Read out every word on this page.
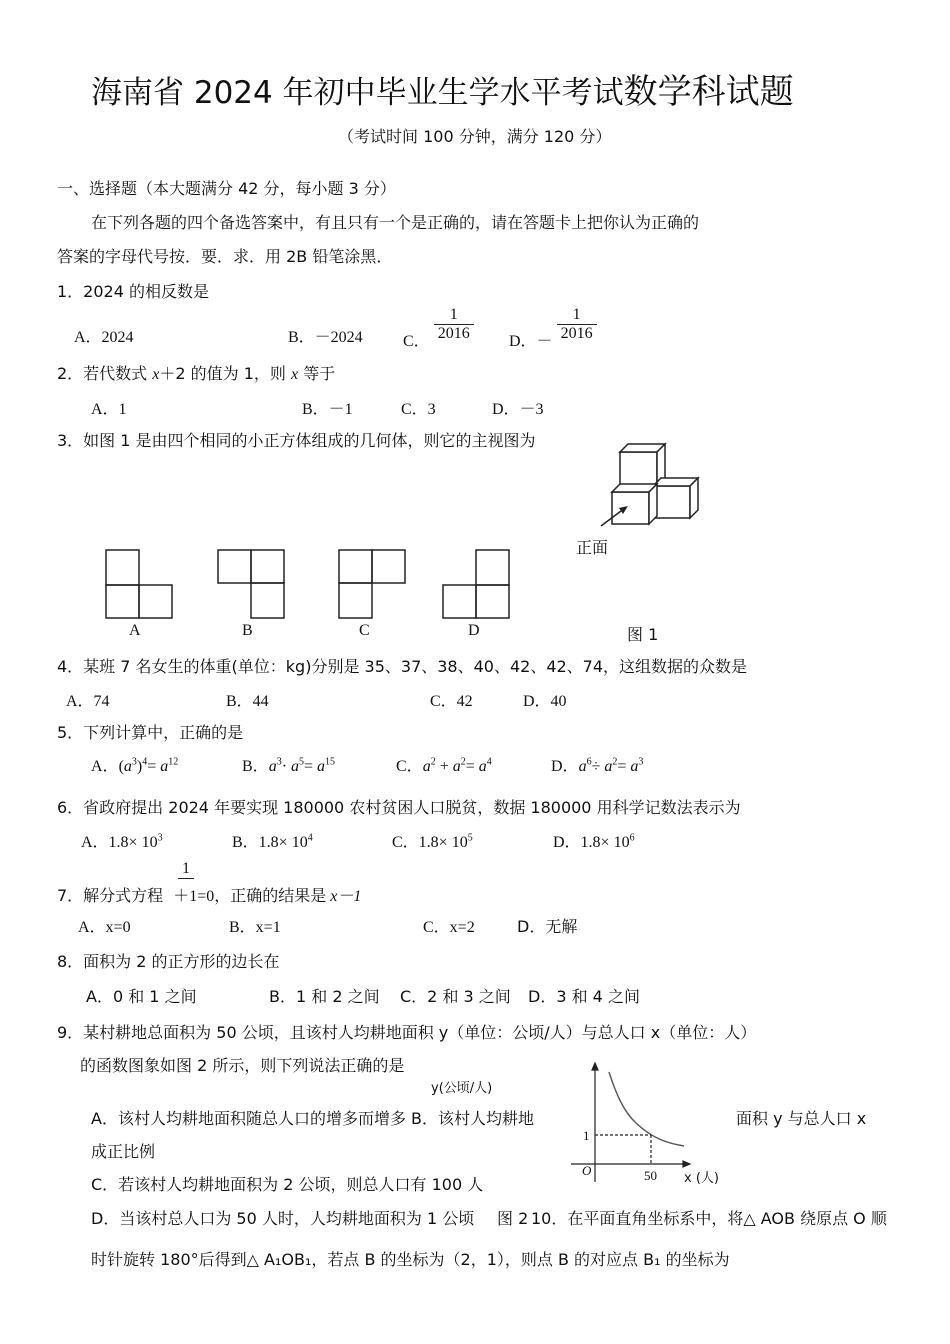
海南省 2024 年初中毕业生学水平考试数学科试题
（考试时间 100 分钟，满分 120 分）
一、选择题（本大题满分 42 分，每小题 3 分）
在下列各题的四个备选答案中，有且只有一个是正确的，请在答题卡上把你认为正确的
答案的字母代号按．要．求．用 2B 铅笔涂黑．
1．2024 的相反数是
A．2024	B．－2024	C． $\frac{1}{2016}$ D．－ $\frac{1}{2016}$
2．若代数式 x＋2 的值为 1，则 x 等于
A．1	B．－1	C．3	D．－3
3．如图 1 是由四个相同的小正方体组成的几何体，则它的主视图为
A	B	C	D
正面
图 1
4．某班 7 名女生的体重(单位：kg)分别是 35、37、38、40、42、42、74，这组数据的众数是
A．74	B．44	C．42	D．40
5．下列计算中，正确的是
A．$(a^3)^4= a^{12}$	B．$a^3\cdot a^5= a^{15}$	C．$a^2 + a^2= a^4$	D．$a^6\div a^2= a^3$
6．省政府提出 2024 年要实现 180000 农村贫困人口脱贫，数据 180000 用科学记数法表示为
A．$1.8\times 10^3$	B．$1.8\times 10^4$	C．$1.8\times 10^5$	D．$1.8\times 10^6$
1
7．解分式方程 ＋1=0，正确的结果是 x－1
A．x=0	B．x=1	C．x=2	D．无解
8．面积为 2 的正方形的边长在
A．0 和 1 之间	B．1 和 2 之间 C．2 和 3 之间 D．3 和 4 之间
9．某村耕地总面积为 50 公顷，且该村人均耕地面积 y（单位：公顷/人）与总人口 x（单位：人）
的函数图象如图 2 所示，则下列说法正确的是
y(公顷/人)
A．该村人均耕地面积随总人口的增多而增多 B．该村人均耕地	面积 y 与总人口 x
成正比例
C．若该村人均耕地面积为 2 公顷，则总人口有 100 人
1
O	50 x (人)
D．当该村总人口为 50 人时，人均耕地面积为 1 公顷 图 2 10．在平面直角坐标系中，将△ AOB 绕原点 O 顺
时针旋转 180°后得到△ A₁OB₁，若点 B 的坐标为（2，1），则点 B 的对应点 B₁ 的坐标为
